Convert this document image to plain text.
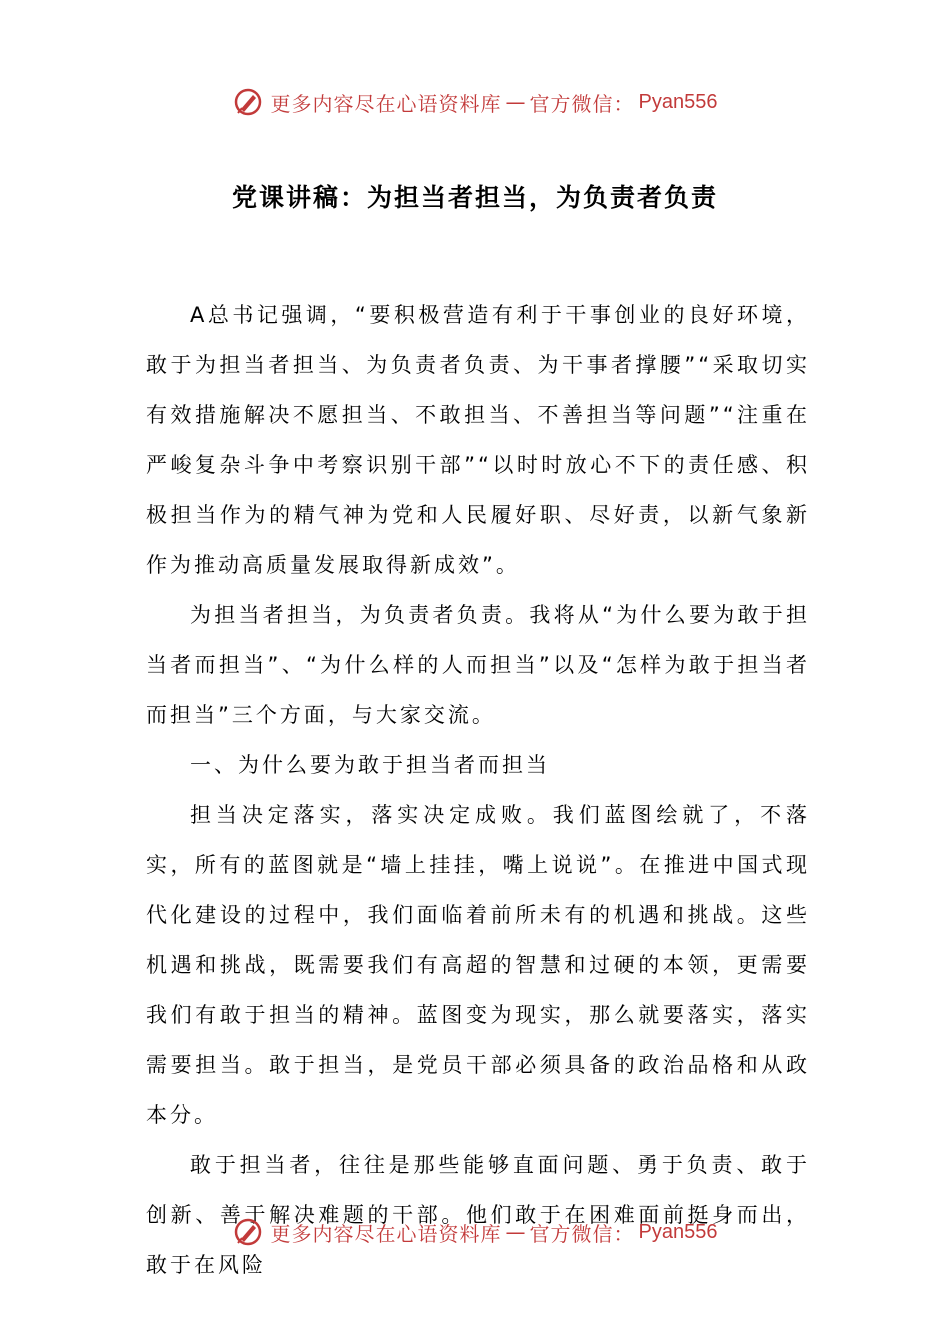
更多内容尽在心语资料库 — 官方微信： Pyan556
党课讲稿：为担当者担当，为负责者负责

A总书记强调，“要积极营造有利于干事创业的良好环境，敢于为担当者担当、为负责者负责、为干事者撑腰”“采取切实有效措施解决不愿担当、不敢担当、不善担当等问题”“注重在严峻复杂斗争中考察识别干部”“以时时放心不下的责任感、积极担当作为的精气神为党和人民履好职、尽好责，以新气象新作为推动高质量发展取得新成效”。

为担当者担当，为负责者负责。我将从“为什么要为敢于担当者而担当”、“为什么样的人而担当”以及“怎样为敢于担当者而担当”三个方面，与大家交流。

一、为什么要为敢于担当者而担当

担当决定落实，落实决定成败。我们蓝图绘就了，不落实，所有的蓝图就是“墙上挂挂，嘴上说说”。在推进中国式现代化建设的过程中，我们面临着前所未有的机遇和挑战。这些机遇和挑战，既需要我们有高超的智慧和过硬的本领，更需要我们有敢于担当的精神。蓝图变为现实，那么就要落实，落实需要担当。敢于担当，是党员干部必须具备的政治品格和从政本分。

敢于担当者，往往是那些能够直面问题、勇于负责、敢于创新、善于解决难题的干部。他们敢于在困难面前挺身而出，敢于在风险

更多内容尽在心语资料库 — 官方微信： Pyan556
